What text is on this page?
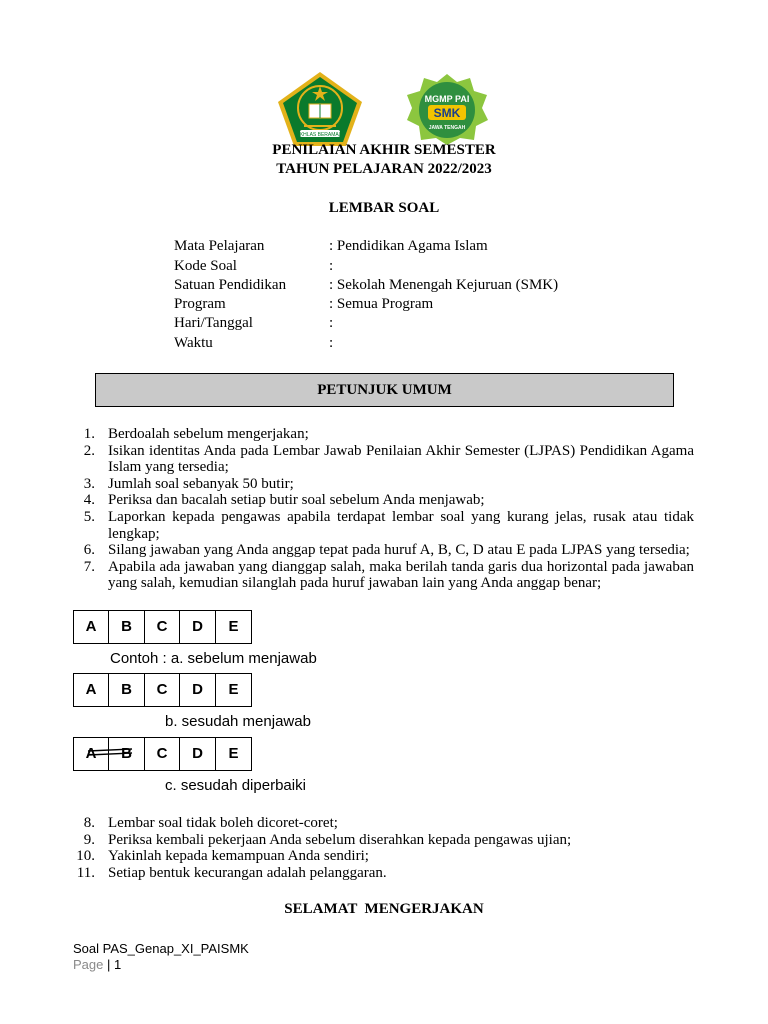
IKHLAS BERAMAL
MGMP PAI
SMK
JAWA TENGAH
PENILAIAN AKHIR SEMESTER
TAHUN PELAJARAN 2022/2023
LEMBAR SOAL
Mata Pelajaran	: Pendidikan Agama Islam
Kode Soal	:
Satuan Pendidikan	: Sekolah Menengah Kejuruan (SMK)
Program	: Semua Program
Hari/Tanggal	:
Waktu	:
PETUNJUK UMUM
1. Berdoalah sebelum mengerjakan;
2. Isikan identitas Anda pada Lembar Jawab Penilaian Akhir Semester (LJPAS) Pendidikan Agama Islam yang tersedia;
3. Jumlah soal sebanyak 50 butir;
4. Periksa dan bacalah setiap butir soal sebelum Anda menjawab;
5. Laporkan kepada pengawas apabila terdapat lembar soal yang kurang jelas, rusak atau tidak lengkap;
6. Silang jawaban yang Anda anggap tepat pada huruf A, B, C, D atau E pada LJPAS yang tersedia;
7. Apabila ada jawaban yang dianggap salah, maka berilah tanda garis dua horizontal pada jawaban yang salah, kemudian silanglah pada huruf jawaban lain yang Anda anggap benar;
A	B	C	D	E
Contoh : a. sebelum menjawab
A	B	C	D	E
b. sesudah menjawab
A	B	C	D	E
c. sesudah diperbaiki
8. Lembar soal tidak boleh dicoret-coret;
9. Periksa kembali pekerjaan Anda sebelum diserahkan kepada pengawas ujian;
10. Yakinlah kepada kemampuan Anda sendiri;
11. Setiap bentuk kecurangan adalah pelanggaran.
SELAMAT  MENGERJAKAN
Soal PAS_Genap_XI_PAISMK
Page | 1
